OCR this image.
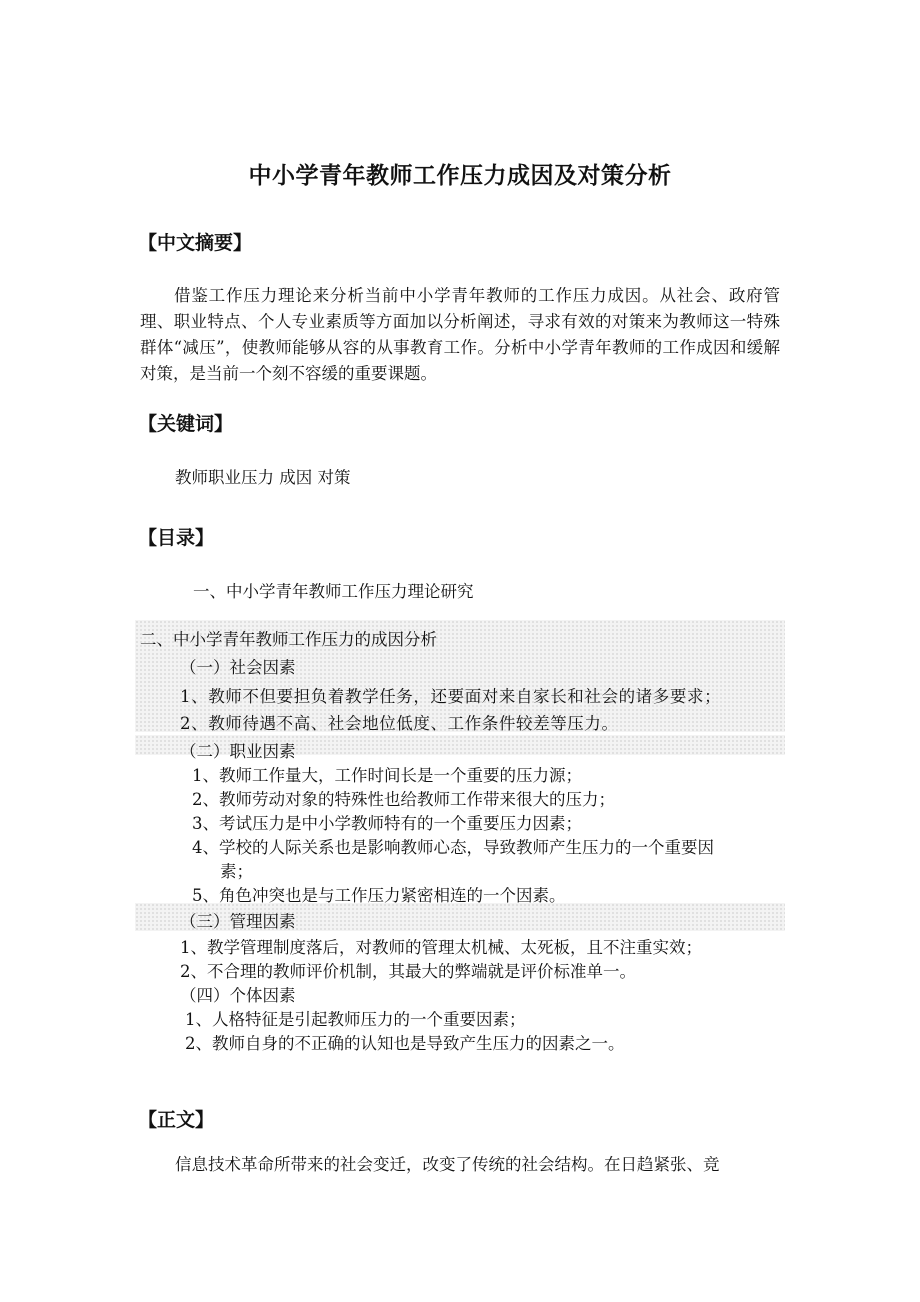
中小学青年教师工作压力成因及对策分析
【中文摘要】
借鉴工作压力理论来分析当前中小学青年教师的工作压力成因。从社会、政府管理、职业特点、个人专业素质等方面加以分析阐述，寻求有效的对策来为教师这一特殊群体“减压”，使教师能够从容的从事教育工作。分析中小学青年教师的工作成因和缓解对策，是当前一个刻不容缓的重要课题。
【关键词】
教师职业压力 成因 对策
【目录】
一、中小学青年教师工作压力理论研究
二、中小学青年教师工作压力的成因分析
（一）社会因素
1、教师不但要担负着教学任务，还要面对来自家长和社会的诸多要求；
2、教师待遇不高、社会地位低度、工作条件较差等压力。
（二）职业因素
1、教师工作量大，工作时间长是一个重要的压力源；
2、教师劳动对象的特殊性也给教师工作带来很大的压力；
3、考试压力是中小学教师特有的一个重要压力因素；
4、学校的人际关系也是影响教师心态，导致教师产生压力的一个重要因
素；
5、角色冲突也是与工作压力紧密相连的一个因素。
（三）管理因素
1、教学管理制度落后，对教师的管理太机械、太死板，且不注重实效；
2、不合理的教师评价机制，其最大的弊端就是评价标准单一。
（四）个体因素
1、人格特征是引起教师压力的一个重要因素；
2、教师自身的不正确的认知也是导致产生压力的因素之一。
【正文】
信息技术革命所带来的社会变迁，改变了传统的社会结构。在日趋紧张、竞
